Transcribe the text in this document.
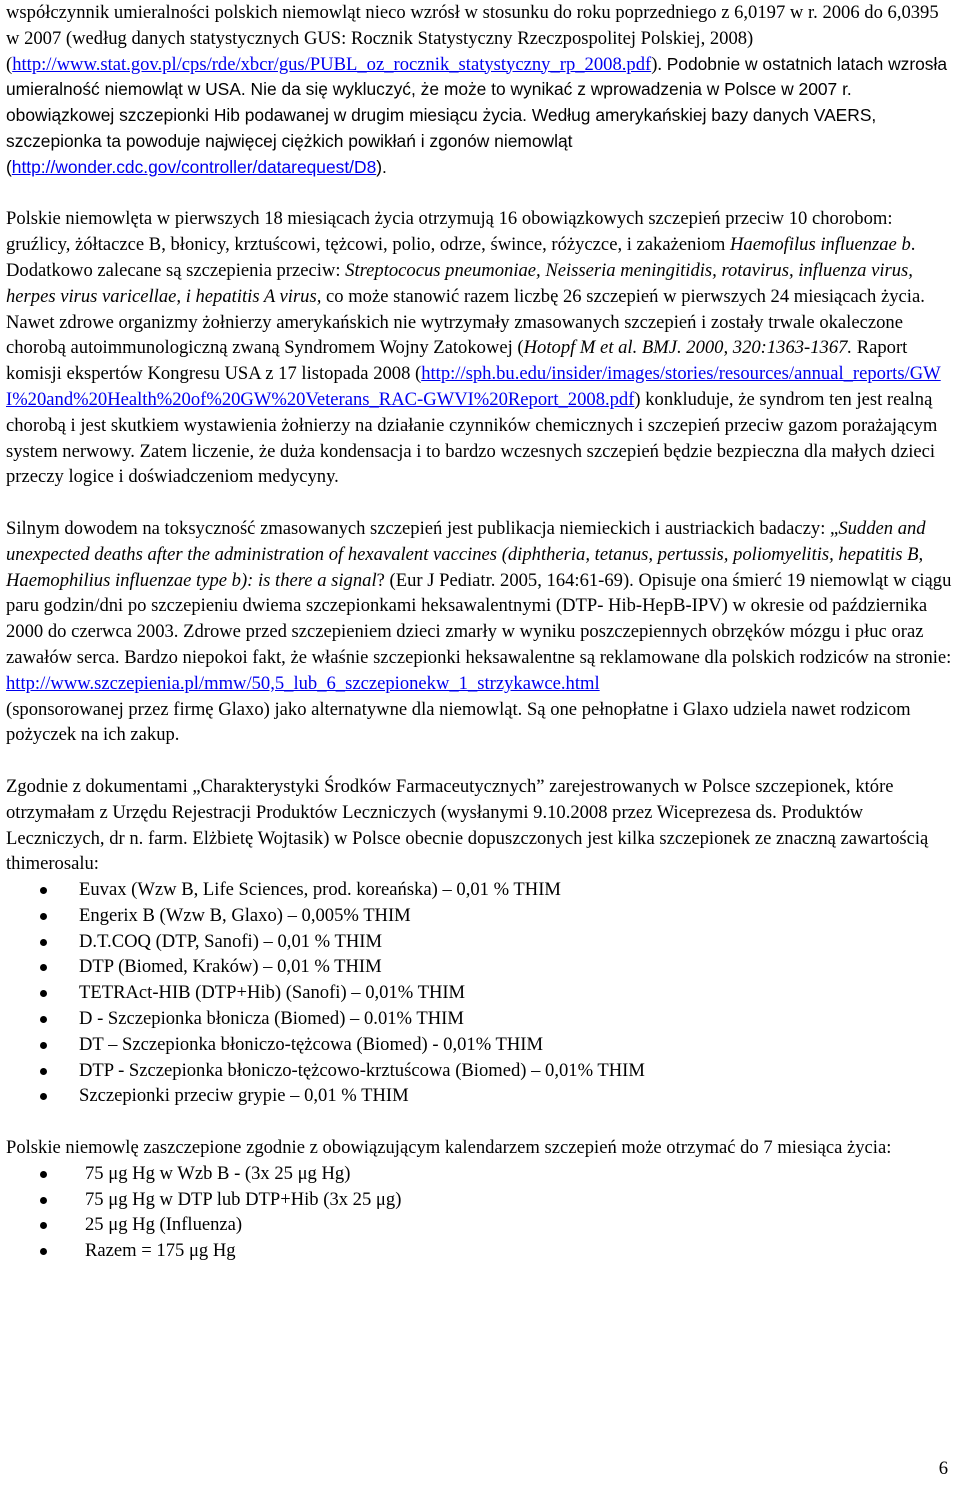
współczynnik umieralności polskich niemowląt nieco wzrósł w stosunku do roku poprzedniego z 6,0197 w r. 2006 do 6,0395 w 2007 (według danych statystycznych GUS: Rocznik Statystyczny Rzeczpospolitej Polskiej, 2008) (http://www.stat.gov.pl/cps/rde/xbcr/gus/PUBL_oz_rocznik_statystyczny_rp_2008.pdf). Podobnie w ostatnich latach wzrosła umieralność niemowląt w USA. Nie da się wykluczyć, że może to wynikać z wprowadzenia w Polsce w 2007 r. obowiązkowej szczepionki Hib podawanej w drugim miesiącu życia. Według amerykańskiej bazy danych VAERS, szczepionka ta powoduje najwięcej ciężkich powikłań i zgonów niemowląt (http://wonder.cdc.gov/controller/datarequest/D8).

Polskie niemowlęta w pierwszych 18 miesiącach życia otrzymują 16 obowiązkowych szczepień przeciw 10 chorobom: gruźlicy, żółtaczce B, błonicy, krztuścowi, tężcowi, polio, odrze, śwince, różyczce, i zakażeniom Haemofilus influenzae b. Dodatkowo zalecane są szczepienia przeciw: Streptococus pneumoniae, Neisseria meningitidis, rotavirus, influenza virus, herpes virus varicellae, i hepatitis A virus, co może stanowić razem liczbę 26 szczepień w pierwszych 24 miesiącach życia. Nawet zdrowe organizmy żołnierzy amerykańskich nie wytrzymały zmasowanych szczepień i zostały trwale okaleczone chorobą autoimmunologiczną zwaną Syndromem Wojny Zatokowej (Hotopf M et al. BMJ. 2000, 320:1363-1367. Raport komisji ekspertów Kongresu USA z 17 listopada 2008 (http://sph.bu.edu/insider/images/stories/resources/annual_reports/GWI%20and%20Health%20of%20GW%20Veterans_RAC-GWVI%20Report_2008.pdf) konkluduje, że syndrom ten jest realną chorobą i jest skutkiem wystawienia żołnierzy na działanie czynników chemicznych i szczepień przeciw gazom porażającym system nerwowy. Zatem liczenie, że duża kondensacja i to bardzo wczesnych szczepień będzie bezpieczna dla małych dzieci przeczy logice i doświadczeniom medycyny.

Silnym dowodem na toksyczność zmasowanych szczepień jest publikacja niemieckich i austriackich badaczy: „Sudden and unexpected deaths after the administration of hexavalent vaccines (diphtheria, tetanus, pertussis, poliomyelitis, hepatitis B, Haemophilius influenzae type b): is there a signal? (Eur J Pediatr. 2005, 164:61-69). Opisuje ona śmierć 19 niemowląt w ciągu paru godzin/dni po szczepieniu dwiema szczepionkami heksawalentnymi (DTP- Hib-HepB-IPV) w okresie od października 2000 do czerwca 2003. Zdrowe przed szczepieniem dzieci zmarły w wyniku poszczepiennych obrzęków mózgu i płuc oraz zawałów serca. Bardzo niepokoi fakt, że właśnie szczepionki heksawalentne są reklamowane dla polskich rodziców na stronie:
http://www.szczepienia.pl/mmw/50,5_lub_6_szczepionekw_1_strzykawce.html
(sponsorowanej przez firmę Glaxo) jako alternatywne dla niemowląt. Są one pełnopłatne i Glaxo udziela nawet rodzicom pożyczek na ich zakup.

Zgodnie z dokumentami „Charakterystyki Środków Farmaceutycznych” zarejestrowanych w Polsce szczepionek, które otrzymałam z Urzędu Rejestracji Produktów Leczniczych (wysłanymi 9.10.2008 przez Wiceprezesa ds. Produktów Leczniczych, dr n. farm. Elżbietę Wojtasik) w Polsce obecnie dopuszczonych jest kilka szczepionek ze znaczną zawartością thimerosalu:

Euvax (Wzw B, Life Sciences, prod. koreańska) – 0,01 % THIM
Engerix B (Wzw B, Glaxo) – 0,005% THIM
D.T.COQ (DTP, Sanofi) – 0,01 % THIM
DTP (Biomed, Kraków) – 0,01 % THIM
TETRAct-HIB (DTP+Hib) (Sanofi) – 0,01% THIM
D - Szczepionka błonicza (Biomed) – 0.01% THIM
DT – Szczepionka błoniczo-tężcowa (Biomed) - 0,01% THIM
DTP - Szczepionka błoniczo-tężcowo-krztuścowa (Biomed) – 0,01% THIM
Szczepionki przeciw grypie – 0,01 % THIM

Polskie niemowlę zaszczepione zgodnie z obowiązującym kalendarzem szczepień może otrzymać do 7 miesiąca życia:

75 μg Hg w Wzb B - (3x 25 μg Hg)
75 μg Hg w DTP lub DTP+Hib (3x 25 μg)
25 μg Hg (Influenza)
Razem = 175 μg Hg
6
